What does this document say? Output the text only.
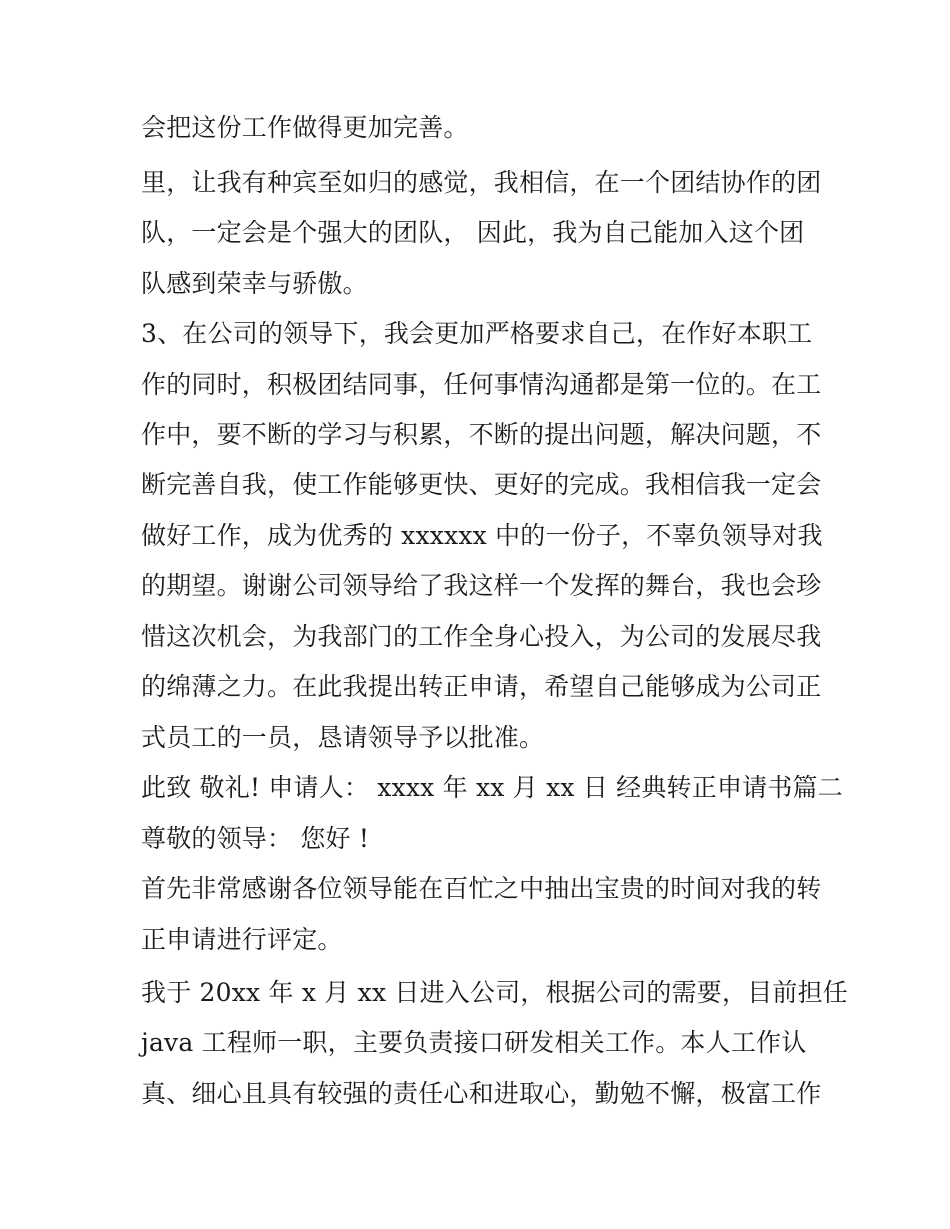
会把这份工作做得更加完善。
里，让我有种宾至如归的感觉，我相信，在一个团结协作的团
队，一定会是个强大的团队， 因此，我为自己能加入这个团
队感到荣幸与骄傲。
3、在公司的领导下，我会更加严格要求自己，在作好本职工
作的同时，积极团结同事，任何事情沟通都是第一位的。在工
作中，要不断的学习与积累，不断的提出问题，解决问题，不
断完善自我，使工作能够更快、更好的完成。我相信我一定会
做好工作，成为优秀的 xxxxxx 中的一份子，不辜负领导对我
的期望。谢谢公司领导给了我这样一个发挥的舞台，我也会珍
惜这次机会，为我部门的工作全身心投入，为公司的发展尽我
的绵薄之力。在此我提出转正申请，希望自己能够成为公司正
式员工的一员，恳请领导予以批准。
此致 敬礼! 申请人： xxxx 年 xx 月 xx 日 经典转正申请书篇二
尊敬的领导： 您好 !
首先非常感谢各位领导能在百忙之中抽出宝贵的时间对我的转
正申请进行评定。
我于 20xx 年 x 月 xx 日进入公司，根据公司的需要，目前担任
java 工程师一职，主要负责接口研发相关工作。本人工作认
真、细心且具有较强的责任心和进取心，勤勉不懈，极富工作
